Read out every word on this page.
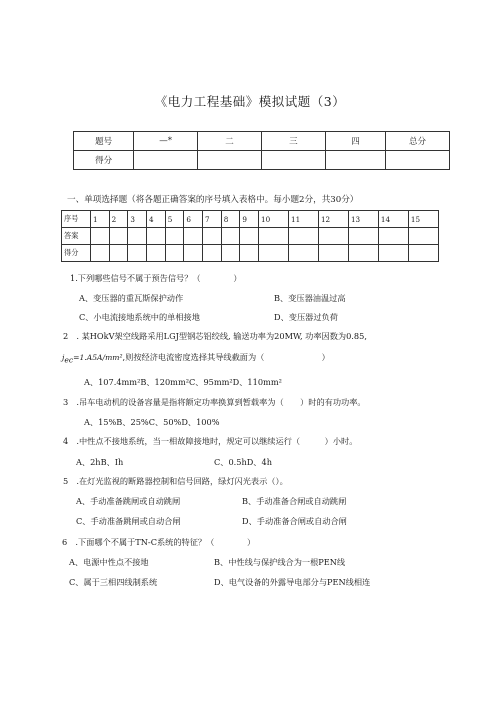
《电力工程基础》模拟试题（3）
题号	—*	二	三	四	总分
得分					
一、单项选择题（将各题正确答案的序号填入表格中。每小题2分，共30分）
序号	1	2	3	4	5	6	7	8	9	10	11	12	13	14	15
答案															
得分															
1.下列哪些信号不属于预告信号？（　　　　）
A、变压器的重瓦斯保护动作	B、变压器油温过高
C、小电流接地系统中的单相接地	D、变压器过负荷
2　. 某HOkV架空线路采用LGJ型钢芯铝绞线, 输送功率为20MW, 功率因数为0.85,
jec=1.A5A/mm²,则按经济电流密度选择其导线截面为（　　　　　　　）
A、107.4mm²B、120mm²C、95mm²D、110mm²
3　.吊车电动机的设备容量是指将额定功率换算到暂载率为（　　）时的有功功率。
A、15%B、25%C、50%D、100%
4　.中性点不接地系统，当一相故障接地时，规定可以继续运行（　　　）小时。
A、2hB、Ih	C、0.5hD、4h
5　.在灯光监视的断路器控制和信号回路，绿灯闪光表示（）。
A、手动准备跳闸或自动跳闸	B、手动准备合闸或自动跳闸
C、手动准备跳闸或自动合闸	D、手动准备合闸或自动合闸
6　.下面哪个不属于TN-C系统的特征？（　　　　）
A、电源中性点不接地	B、中性线与保护线合为一根PEN线
C、属于三相四线制系统	D、电气设备的外露导电部分与PEN线相连
